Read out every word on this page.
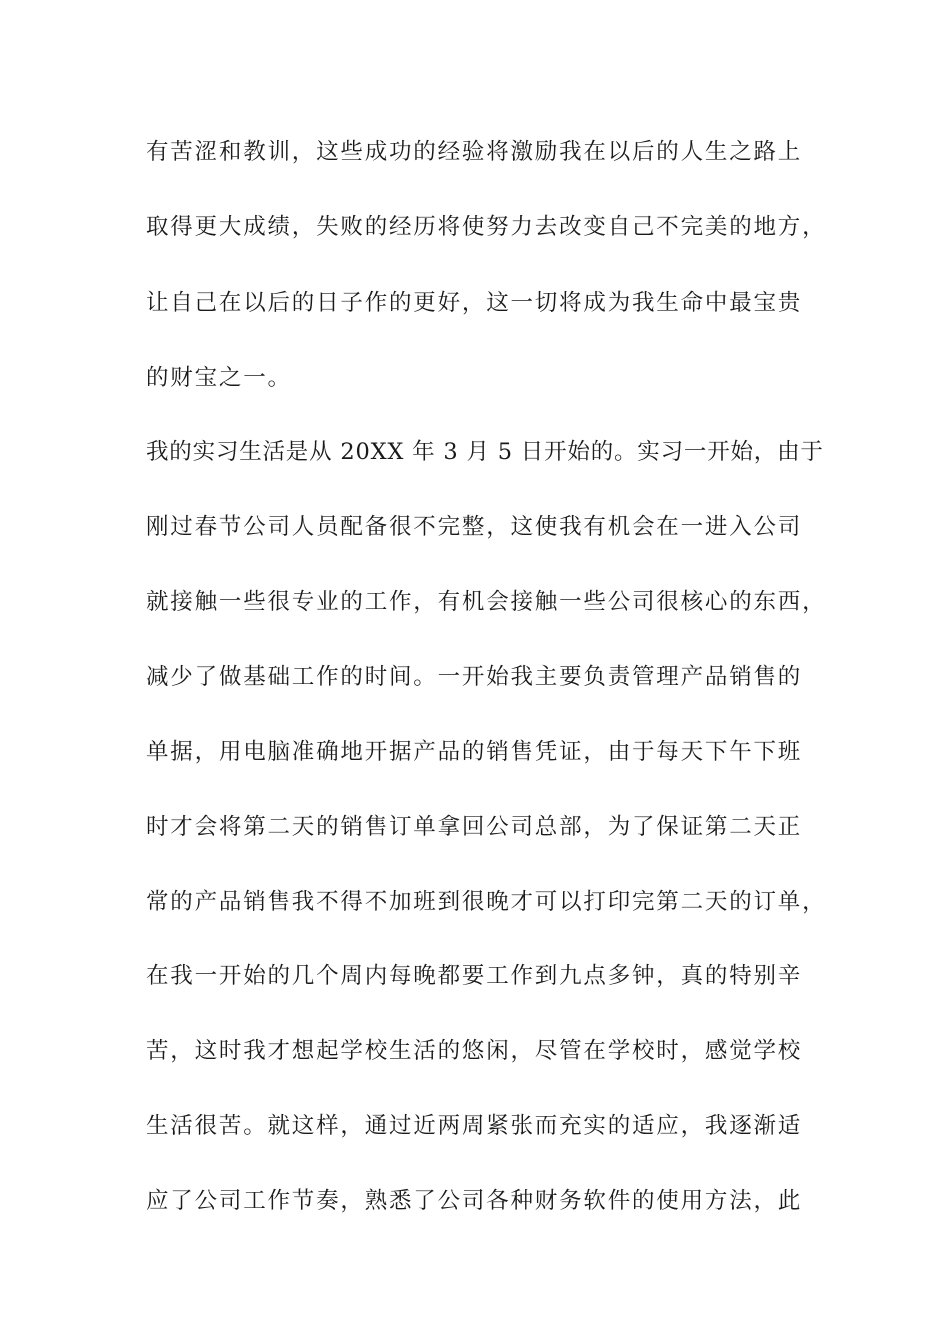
有苦涩和教训，这些成功的经验将激励我在以后的人生之路上
取得更大成绩，失败的经历将使努力去改变自己不完美的地方，
让自己在以后的日子作的更好，这一切将成为我生命中最宝贵
的财宝之一。
我的实习生活是从 20XX 年 3 月 5 日开始的。实习一开始，由于
刚过春节公司人员配备很不完整，这使我有机会在一进入公司
就接触一些很专业的工作，有机会接触一些公司很核心的东西，
减少了做基础工作的时间。一开始我主要负责管理产品销售的
单据，用电脑准确地开据产品的销售凭证，由于每天下午下班
时才会将第二天的销售订单拿回公司总部，为了保证第二天正
常的产品销售我不得不加班到很晚才可以打印完第二天的订单，
在我一开始的几个周内每晚都要工作到九点多钟，真的特别辛
苦，这时我才想起学校生活的悠闲，尽管在学校时，感觉学校
生活很苦。就这样，通过近两周紧张而充实的适应，我逐渐适
应了公司工作节奏，熟悉了公司各种财务软件的使用方法，此
